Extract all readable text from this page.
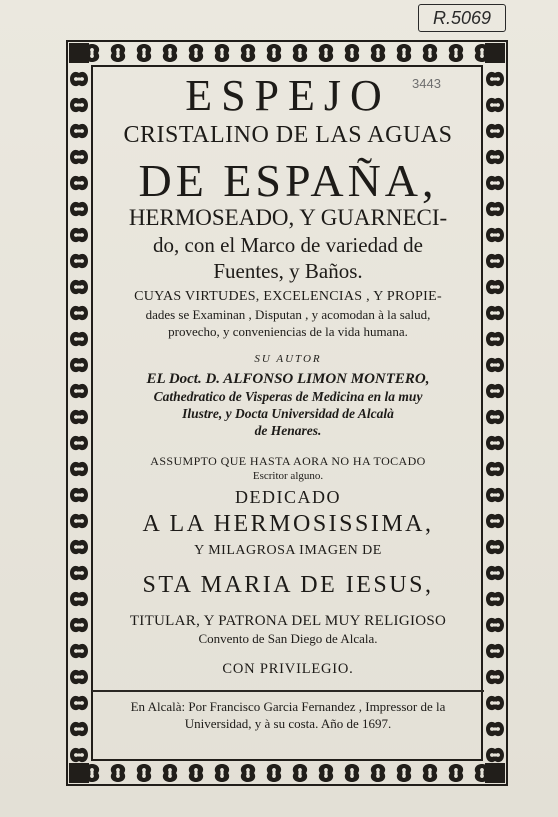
R.5069
3443
ESPEJO
CRISTALINO DE LAS AGUAS
DE ESPAÑA,
HERMOSEADO, Y GUARNECI-
do, con el Marco de variedad de
Fuentes, y Baños.
CUYAS VIRTUDES, EXCELENCIAS , Y PROPIE-
dades se Examinan , Disputan , y acomodan à la salud,
provecho, y conveniencias de la vida humana.
SU AUTOR
EL Doct. D. ALFONSO LIMON MONTERO,
Cathedratico de Visperas de Medicina en la muy
Ilustre, y Docta Universidad de Alcalà
de Henares.
ASSUMPTO QUE HASTA AORA NO HA TOCADO
Escritor alguno.
DEDICADO
A LA HERMOSISSIMA,
Y MILAGROSA IMAGEN DE
STA MARIA DE IESUS,
TITULAR, Y PATRONA DEL MUY RELIGIOSO
Convento de San Diego de Alcala.
CON PRIVILEGIO.
En Alcalà: Por Francisco Garcia Fernandez , Impressor de la
Universidad, y à su costa. Año de 1697.
